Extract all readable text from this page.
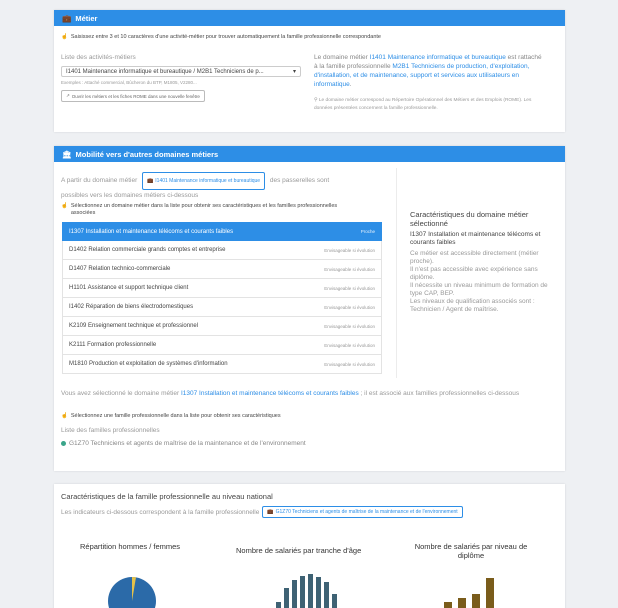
💼 Métier
☝ Saisissez entre 3 et 10 caractères d'une activité-métier pour trouver automatiquement la famille professionnelle correspondante
Liste des activités-métiers
I1401 Maintenance informatique et bureautique / M2B1 Techniciens de p...	▾
Exemples : Attaché commercial, Bûcheron du BTP, M1805, V2280...
↗ Ouvrir les métiers et les fiches ROME dans une nouvelle fenêtre
Le domaine métier I1401 Maintenance informatique et bureautique est rattaché à la famille professionnelle M2B1 Techniciens de production, d'exploitation, d'installation, et de maintenance, support et services aux utilisateurs en informatique.
⚲ Le domaine métier correspond au Répertoire Opérationnel des Métiers et des Emplois (ROME). Les données présentées concernent la famille professionnelle.
🏛 Mobilité vers d'autres domaines métiers
A partir du domaine métier 💼 I1401 Maintenance informatique et bureautique des passerelles sont possibles vers les domaines métiers ci-dessous
☝ Sélectionnez un domaine métier dans la liste pour obtenir ses caractéristiques et les familles professionnelles associées	Caractéristiques du domaine métier sélectionné
I1307 Installation et maintenance télécoms et courants faibles
Ce métier est accessible directement (métier proche).
Il n'est pas accessible avec expérience sans diplôme.
Il nécessite un niveau minimum de formation de type CAP, BEP.
Les niveaux de qualification associés sont : Technicien / Agent de maîtrise.
Vous avez sélectionné le domaine métier I1307 Installation et maintenance télécoms et courants faibles ; il est associé aux familles professionnelles ci-dessous
☝ Sélectionnez une famille professionnelle dans la liste pour obtenir ses caractéristiques
Liste des familles professionnelles
G1Z70 Techniciens et agents de maîtrise de la maintenance et de l'environnement
I1307 Installation et maintenance télécoms et courants faibles	Proche
D1402 Relation commerciale grands comptes et entreprise	Envisageable si évolution
D1407 Relation technico-commerciale	Envisageable si évolution
H1101 Assistance et support technique client	Envisageable si évolution
I1402 Réparation de biens électrodomestiques	Envisageable si évolution
K2109 Enseignement technique et professionnel	Envisageable si évolution
K2111 Formation professionnelle	Envisageable si évolution
M1810 Production et exploitation de systèmes d'information	Envisageable si évolution
Caractéristiques de la famille professionnelle au niveau national
Les indicateurs ci-dessous correspondent à la famille professionnelle 💼 G1Z70 Techniciens et agents de maîtrise de la maintenance et de l'environnement
Répartition hommes / femmes	Nombre de salariés par tranche d'âge	Nombre de salariés par niveau de diplôme
